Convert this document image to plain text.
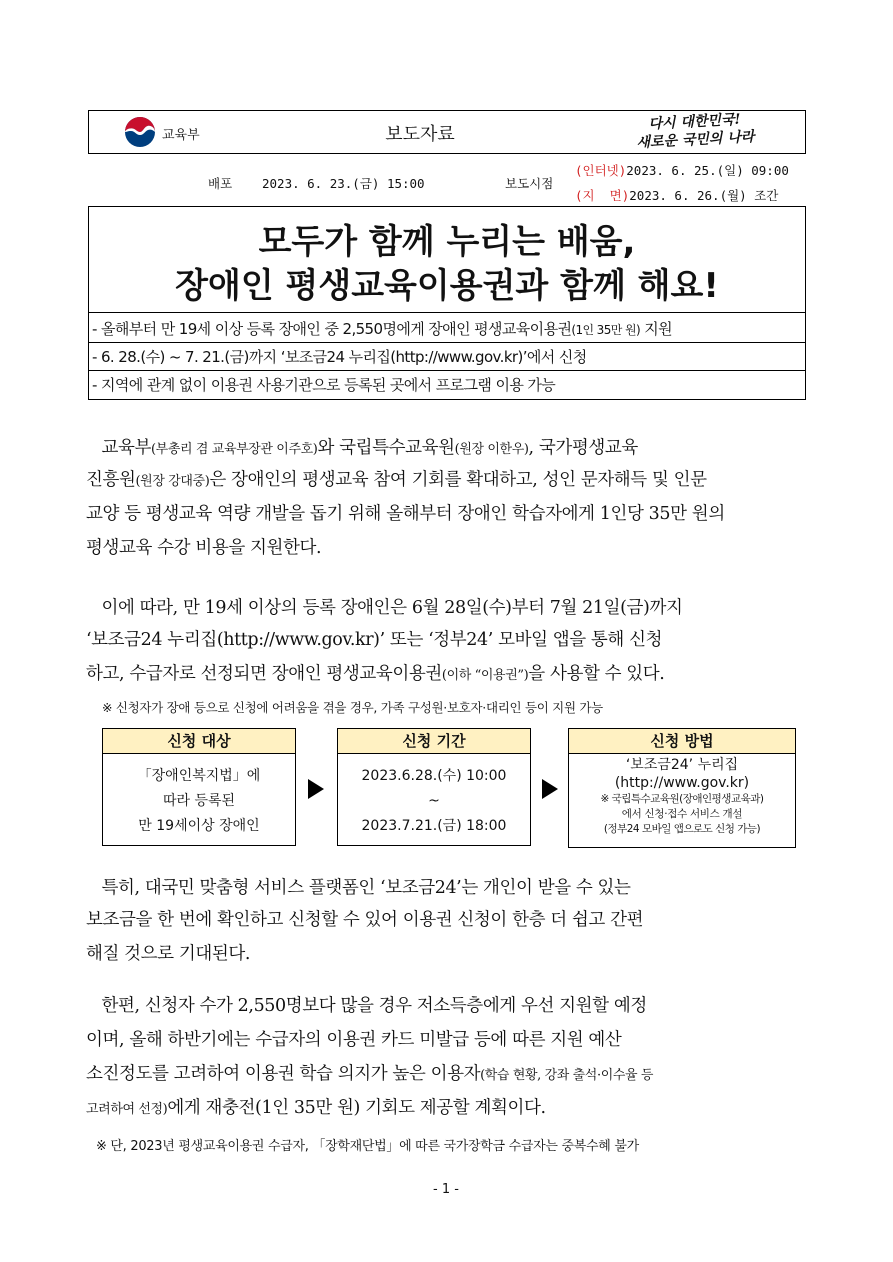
교육부	보도자료
다시 대한민국!
새로운 국민의 나라
배포 2023. 6. 23.(금) 15:00	보도시점
(인터넷)2023. 6. 25.(일) 09:00
(지  면)2023. 6. 26.(월) 조간
모두가 함께 누리는 배움,
장애인 평생교육이용권과 함께 해요!
- 올해부터 만 19세 이상 등록 장애인 중 2,550명에게 장애인 평생교육이용권(1인 35만 원) 지원
- 6. 28.(수) ~ 7. 21.(금)까지 ‘보조금24 누리집(http://www.gov.kr)’에서 신청
- 지역에 관계 없이 이용권 사용기관으로 등록된 곳에서 프로그램 이용 가능
교육부(부총리 겸 교육부장관 이주호)와 국립특수교육원(원장 이한우), 국가평생교육
진흥원(원장 강대중)은 장애인의 평생교육 참여 기회를 확대하고, 성인 문자해득 및 인문
교양 등 평생교육 역량 개발을 돕기 위해 올해부터 장애인 학습자에게 1인당 35만 원의
평생교육 수강 비용을 지원한다.
이에 따라, 만 19세 이상의 등록 장애인은 6월 28일(수)부터 7월 21일(금)까지
‘보조금24 누리집(http://www.gov.kr)’ 또는 ‘정부24’ 모바일 앱을 통해 신청
하고, 수급자로 선정되면 장애인 평생교육이용권(이하 “이용권”)을 사용할 수 있다.
※ 신청자가 장애 등으로 신청에 어려움을 겪을 경우, 가족 구성원·보호자·대리인 등이 지원 가능
신청 대상
「장애인복지법」에
따라 등록된
만 19세이상 장애인
신청 기간
2023.6.28.(수) 10:00
~
2023.7.21.(금) 18:00
신청 방법
‘보조금24’ 누리집
(http://www.gov.kr)
※ 국립특수교육원(장애인평생교육과)
에서 신청·접수 서비스 개설
(정부24 모바일 앱으로도 신청 가능)
특히, 대국민 맞춤형 서비스 플랫폼인 ‘보조금24’는 개인이 받을 수 있는
보조금을 한 번에 확인하고 신청할 수 있어 이용권 신청이 한층 더 쉽고 간편
해질 것으로 기대된다.
한편, 신청자 수가 2,550명보다 많을 경우 저소득층에게 우선 지원할 예정
이며, 올해 하반기에는 수급자의 이용권 카드 미발급 등에 따른 지원 예산
소진정도를 고려하여 이용권 학습 의지가 높은 이용자(학습 현황, 강좌 출석·이수율 등
고려하여 선정)에게 재충전(1인 35만 원) 기회도 제공할 계획이다.
※ 단, 2023년 평생교육이용권 수급자, 「장학재단법」에 따른 국가장학금 수급자는 중복수혜 불가
- 1 -
